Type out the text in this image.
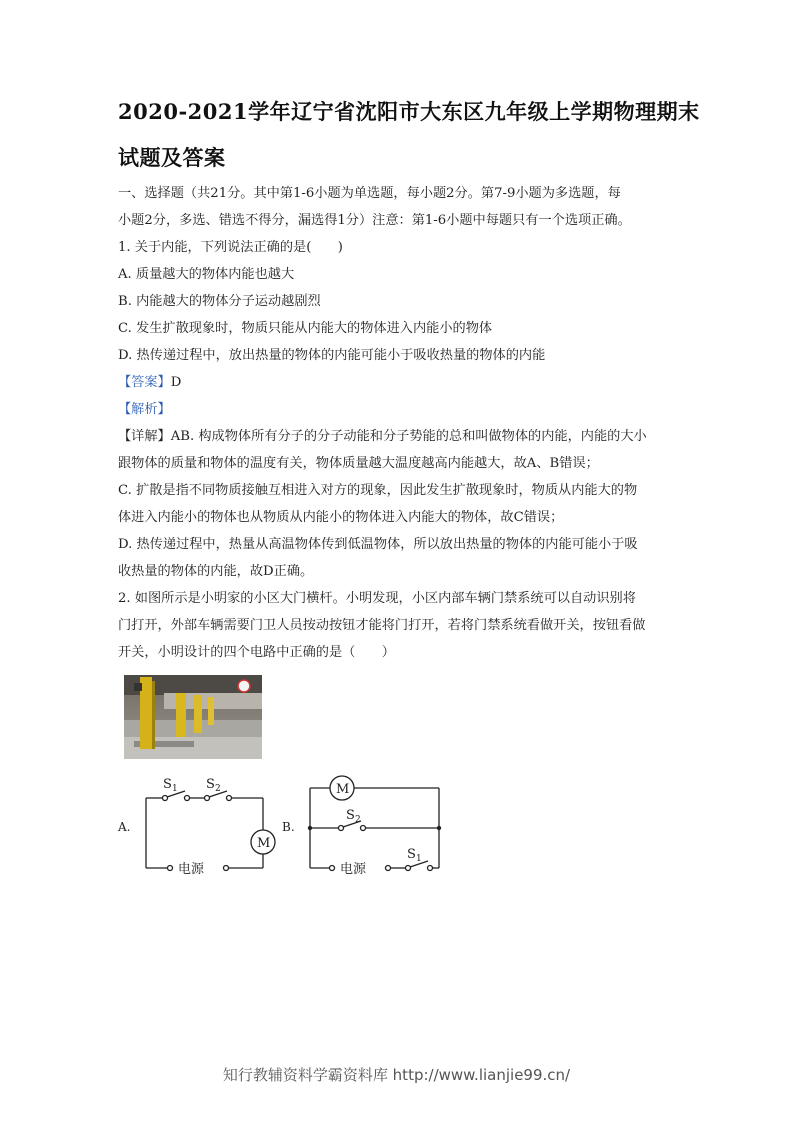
2020-2021学年辽宁省沈阳市大东区九年级上学期物理期末
试题及答案
一、选择题（共21分。其中第1-6小题为单选题，每小题2分。第7-9小题为多选题，每
小题2分，多选、错选不得分，漏选得1分）注意：第1-6小题中每题只有一个选项正确。
1. 关于内能，下列说法正确的是(　　)
A. 质量越大的物体内能也越大
B. 内能越大的物体分子运动越剧烈
C. 发生扩散现象时，物质只能从内能大的物体进入内能小的物体
D. 热传递过程中，放出热量的物体的内能可能小于吸收热量的物体的内能
【答案】D
【解析】
【详解】AB. 构成物体所有分子的分子动能和分子势能的总和叫做物体的内能，内能的大小
跟物体的质量和物体的温度有关，物体质量越大温度越高内能越大，故A、B错误；
C. 扩散是指不同物质接触互相进入对方的现象，因此发生扩散现象时，物质从内能大的物
体进入内能小的物体也从物质从内能小的物体进入内能大的物体，故C错误；
D. 热传递过程中，热量从高温物体传到低温物体，所以放出热量的物体的内能可能小于吸
收热量的物体的内能，故D正确。
2. 如图所示是小明家的小区大门横杆。小明发现，小区内部车辆门禁系统可以自动识别将
门打开，外部车辆需要门卫人员按动按钮才能将门打开，若将门禁系统看做开关，按钮看做
开关，小明设计的四个电路中正确的是（　　）
A.
S 1 S 2
M
电源
B.
M
S 2
S 1
电源
知行教辅资料学霸资料库 http://www.lianjie99.cn/
